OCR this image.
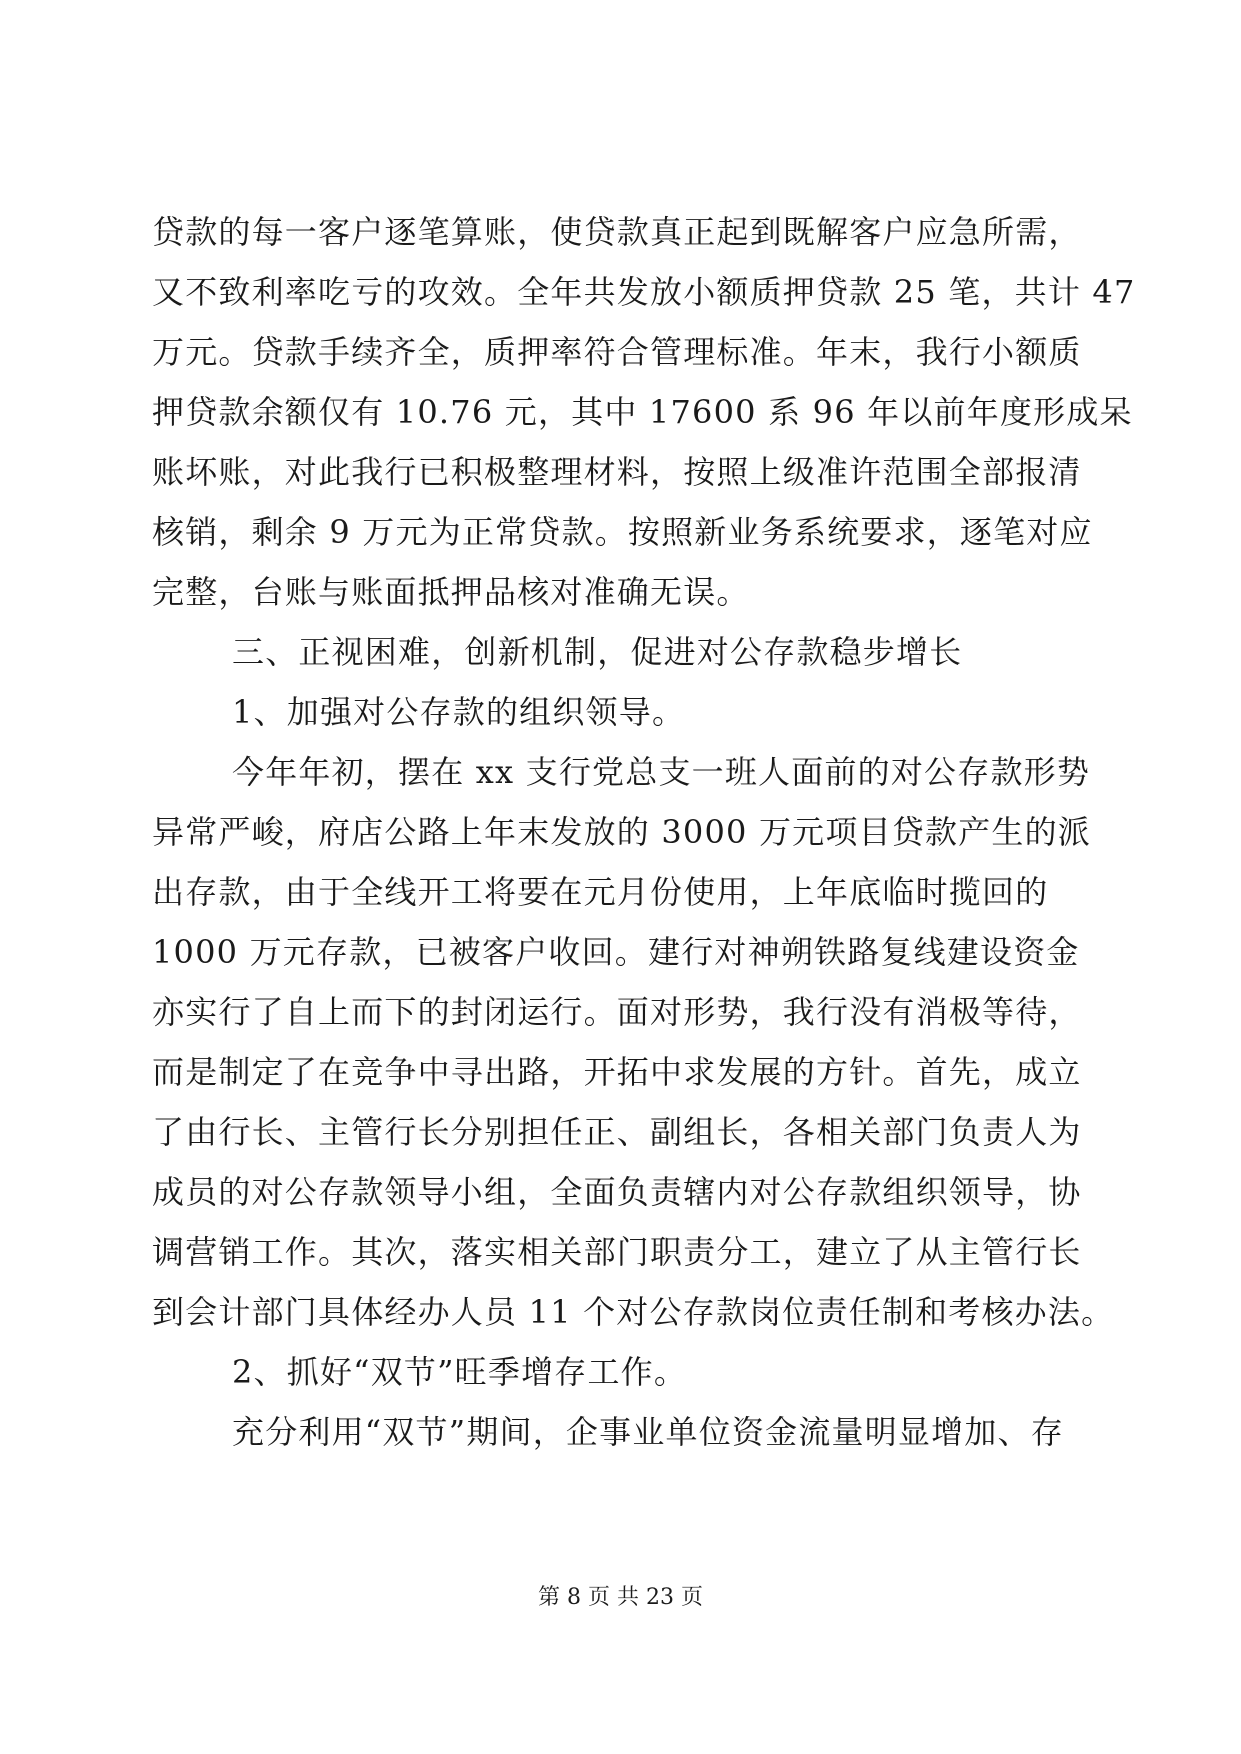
贷款的每一客户逐笔算账，使贷款真正起到既解客户应急所需，
又不致利率吃亏的攻效。全年共发放小额质押贷款 25 笔，共计 47
万元。贷款手续齐全，质押率符合管理标准。年末，我行小额质
押贷款余额仅有 10.76 元，其中 17600 系 96 年以前年度形成呆
账坏账，对此我行已积极整理材料，按照上级准许范围全部报清
核销，剩余 9 万元为正常贷款。按照新业务系统要求，逐笔对应
完整，台账与账面抵押品核对准确无误。
三、正视困难，创新机制，促进对公存款稳步增长
1、加强对公存款的组织领导。
今年年初，摆在 xx 支行党总支一班人面前的对公存款形势
异常严峻，府店公路上年末发放的 3000 万元项目贷款产生的派
出存款，由于全线开工将要在元月份使用，上年底临时揽回的
1000 万元存款，已被客户收回。建行对神朔铁路复线建设资金
亦实行了自上而下的封闭运行。面对形势，我行没有消极等待，
而是制定了在竞争中寻出路，开拓中求发展的方针。首先，成立
了由行长、主管行长分别担任正、副组长，各相关部门负责人为
成员的对公存款领导小组，全面负责辖内对公存款组织领导，协
调营销工作。其次，落实相关部门职责分工，建立了从主管行长
到会计部门具体经办人员 11 个对公存款岗位责任制和考核办法。
2、抓好“双节”旺季增存工作。
充分利用“双节”期间，企事业单位资金流量明显增加、存
第 8 页 共 23 页
